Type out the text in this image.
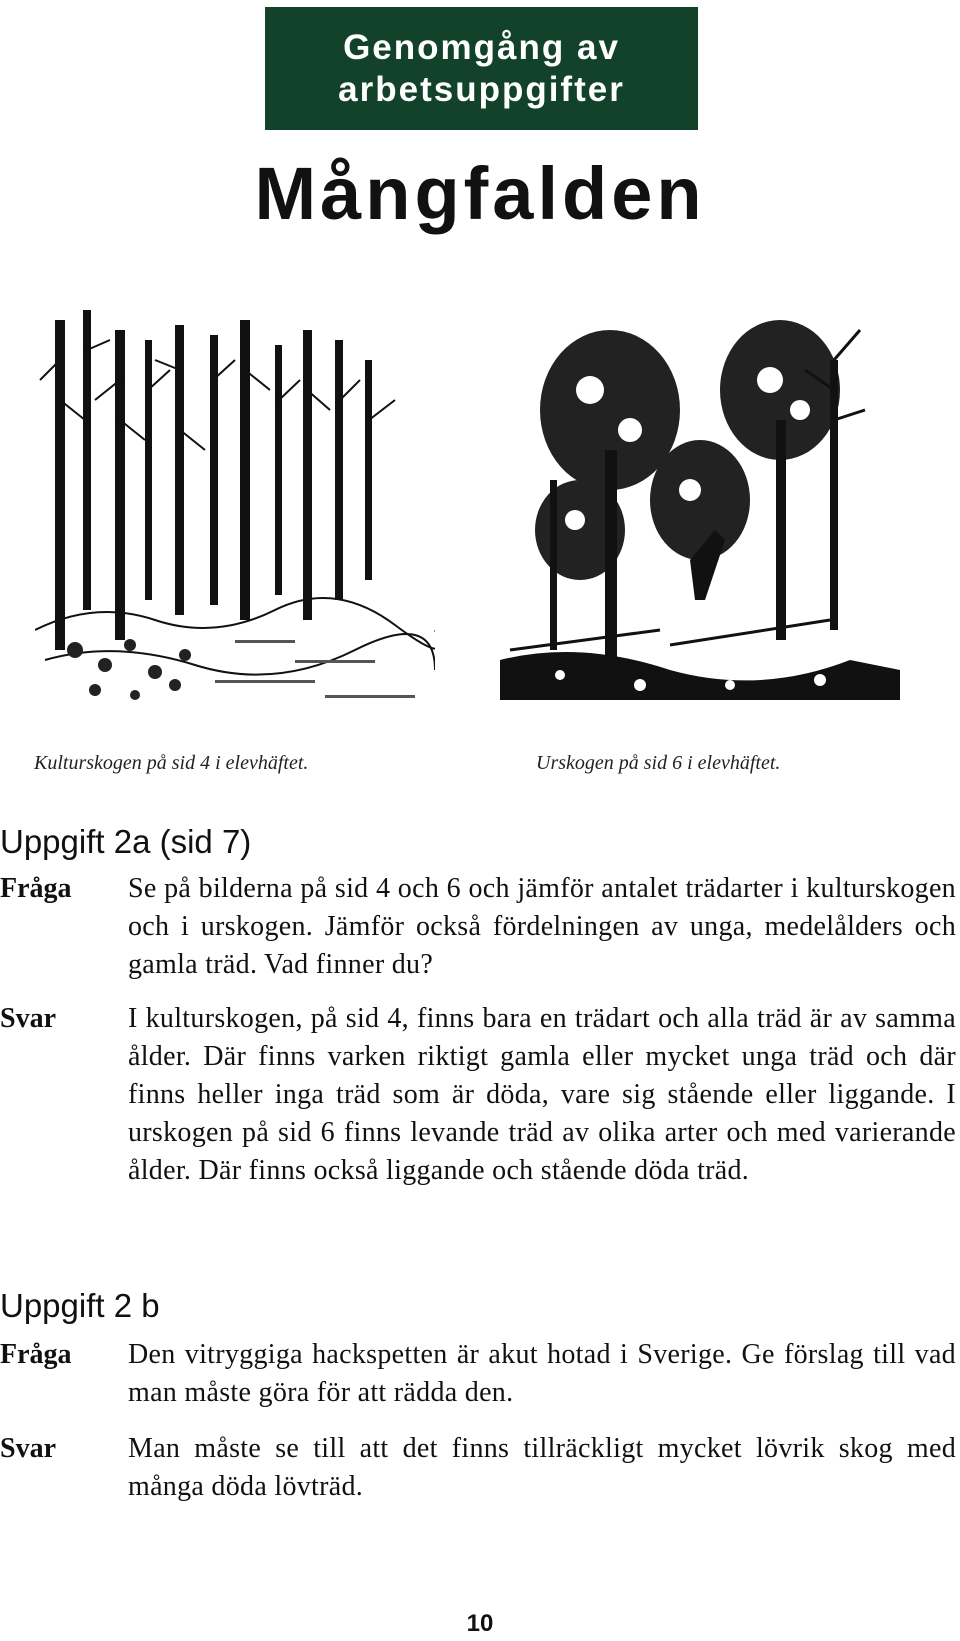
Genomgång av
arbetsuppgifter
Mångfalden
Kulturskogen på sid 4 i elevhäftet.	Urskogen på sid 6 i elevhäftet.
Uppgift 2a (sid 7)
Fråga Se på bilderna på sid 4 och 6 och jämför antalet trädarter i kulturskogen och i urskogen. Jämför också fördelningen av unga, medelålders och gamla träd. Vad finner du?
Svar	I kulturskogen, på sid 4, finns bara en trädart och alla träd är av samma ålder. Där finns varken riktigt gamla eller mycket unga träd och där finns heller inga träd som är döda, vare sig stående eller liggande. I urskogen på sid 6 finns levande träd av olika arter och med varierande ålder. Där finns också liggande och stående döda träd.
Uppgift 2 b
Fråga Den vitryggiga hackspetten är akut hotad i Sverige. Ge förslag till vad man måste göra för att rädda den.
Svar	Man måste se till att det finns tillräckligt mycket lövrik skog med många döda lövträd.
10
